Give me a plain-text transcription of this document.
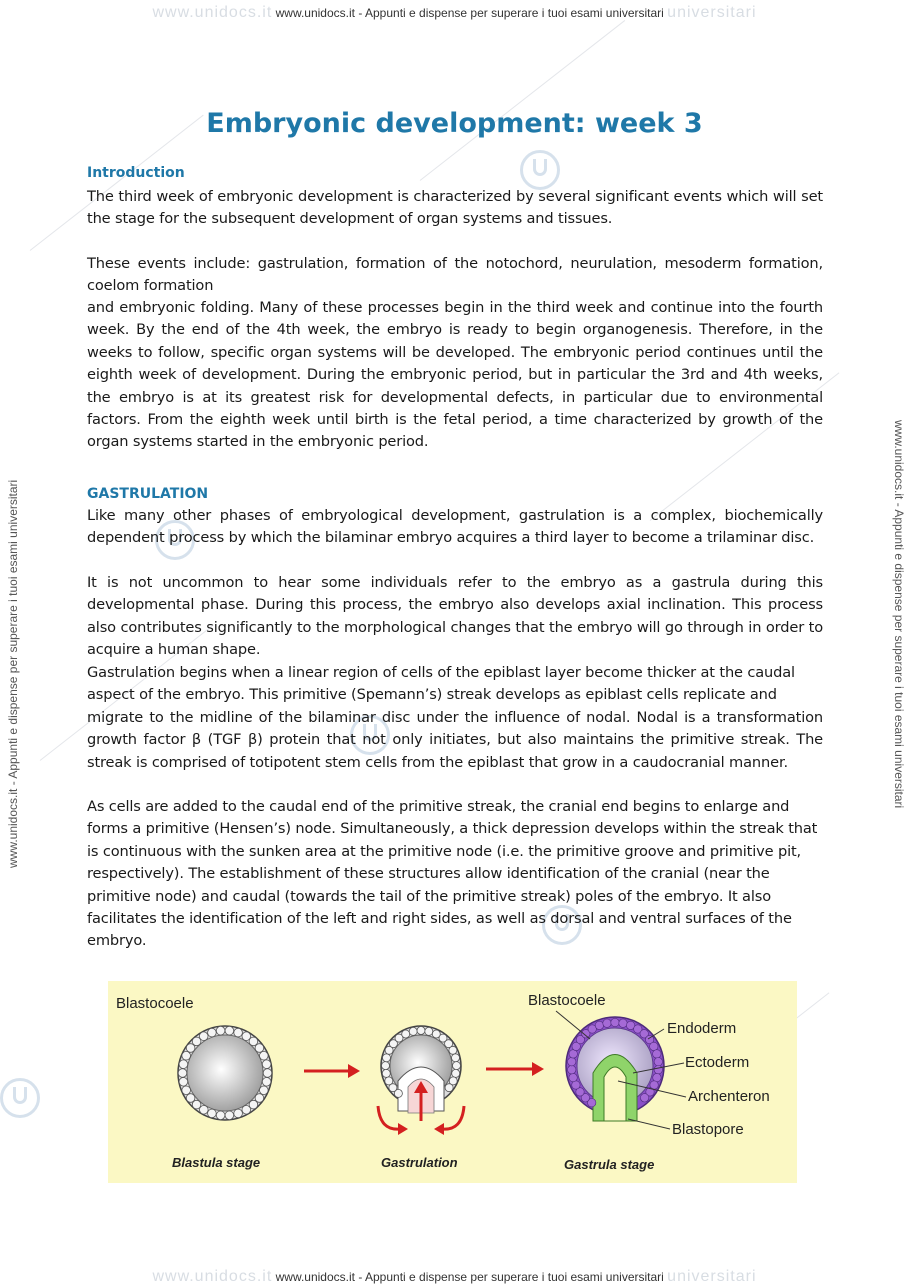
www.unidocs.it www.unidocs.it - Appunti e dispense per superare i tuoi esami universitari universitari
www.unidocs.it - Appunti e dispense per superare i tuoi esami universitari	www.unidocs.it - Appunti e dispense per superare i tuoi esami universitari
Embryonic development: week 3
Introduction

The third week of embryonic development is characterized by several significant events which will set the stage for the subsequent development of organ systems and tissues.

These events include: gastrulation, formation of the notochord, neurulation, mesoderm formation, coelom formation

and embryonic folding. Many of these processes begin in the third week and continue into the fourth week. By the end of the 4th week, the embryo is ready to begin organogenesis. Therefore, in the weeks to follow, specific organ systems will be developed. The embryonic period continues until the eighth week of development. During the embryonic period, but in particular the 3rd and 4th weeks, the embryo is at its greatest risk for developmental defects, in particular due to environmental factors. From the eighth week until birth is the fetal period, a time characterized by growth of the organ systems started in the embryonic period.

GASTRULATION

Like many other phases of embryological development, gastrulation is a complex, biochemically dependent process by which the bilaminar embryo acquires a third layer to become a trilaminar disc.

It is not uncommon to hear some individuals refer to the embryo as a gastrula during this developmental phase. During this process, the embryo also develops axial inclination. This process also contributes significantly to the morphological changes that the embryo will go through in order to acquire a human shape.

Gastrulation begins when a linear region of cells of the epiblast layer become thicker at the caudal aspect of the embryo. This primitive (Spemann’s) streak develops as epiblast cells replicate and

migrate to the midline of the bilaminar disc under the influence of nodal. Nodal is a transformation growth factor β (TGF β) protein that not only initiates, but also maintains the primitive streak. The streak is comprised of totipotent stem cells from the epiblast that grow in a caudocranial manner.

As cells are added to the caudal end of the primitive streak, the cranial end begins to enlarge and forms a primitive (Hensen’s) node. Simultaneously, a thick depression develops within the streak that is continuous with the sunken area at the primitive node (i.e. the primitive groove and primitive pit, respectively). The establishment of these structures allow identification of the cranial (near the primitive node) and caudal (towards the tail of the primitive streak) poles of the embryo. It also

facilitates the identification of the left and right sides, as well as dorsal and ventral surfaces of the embryo.

Blastocoele	Blastocoele
Endoderm
Ectoderm
Archenteron
Blastopore
Blastula stage	Gastrulation	Gastrula stage
www.unidocs.it www.unidocs.it - Appunti e dispense per superare i tuoi esami universitari universitari
